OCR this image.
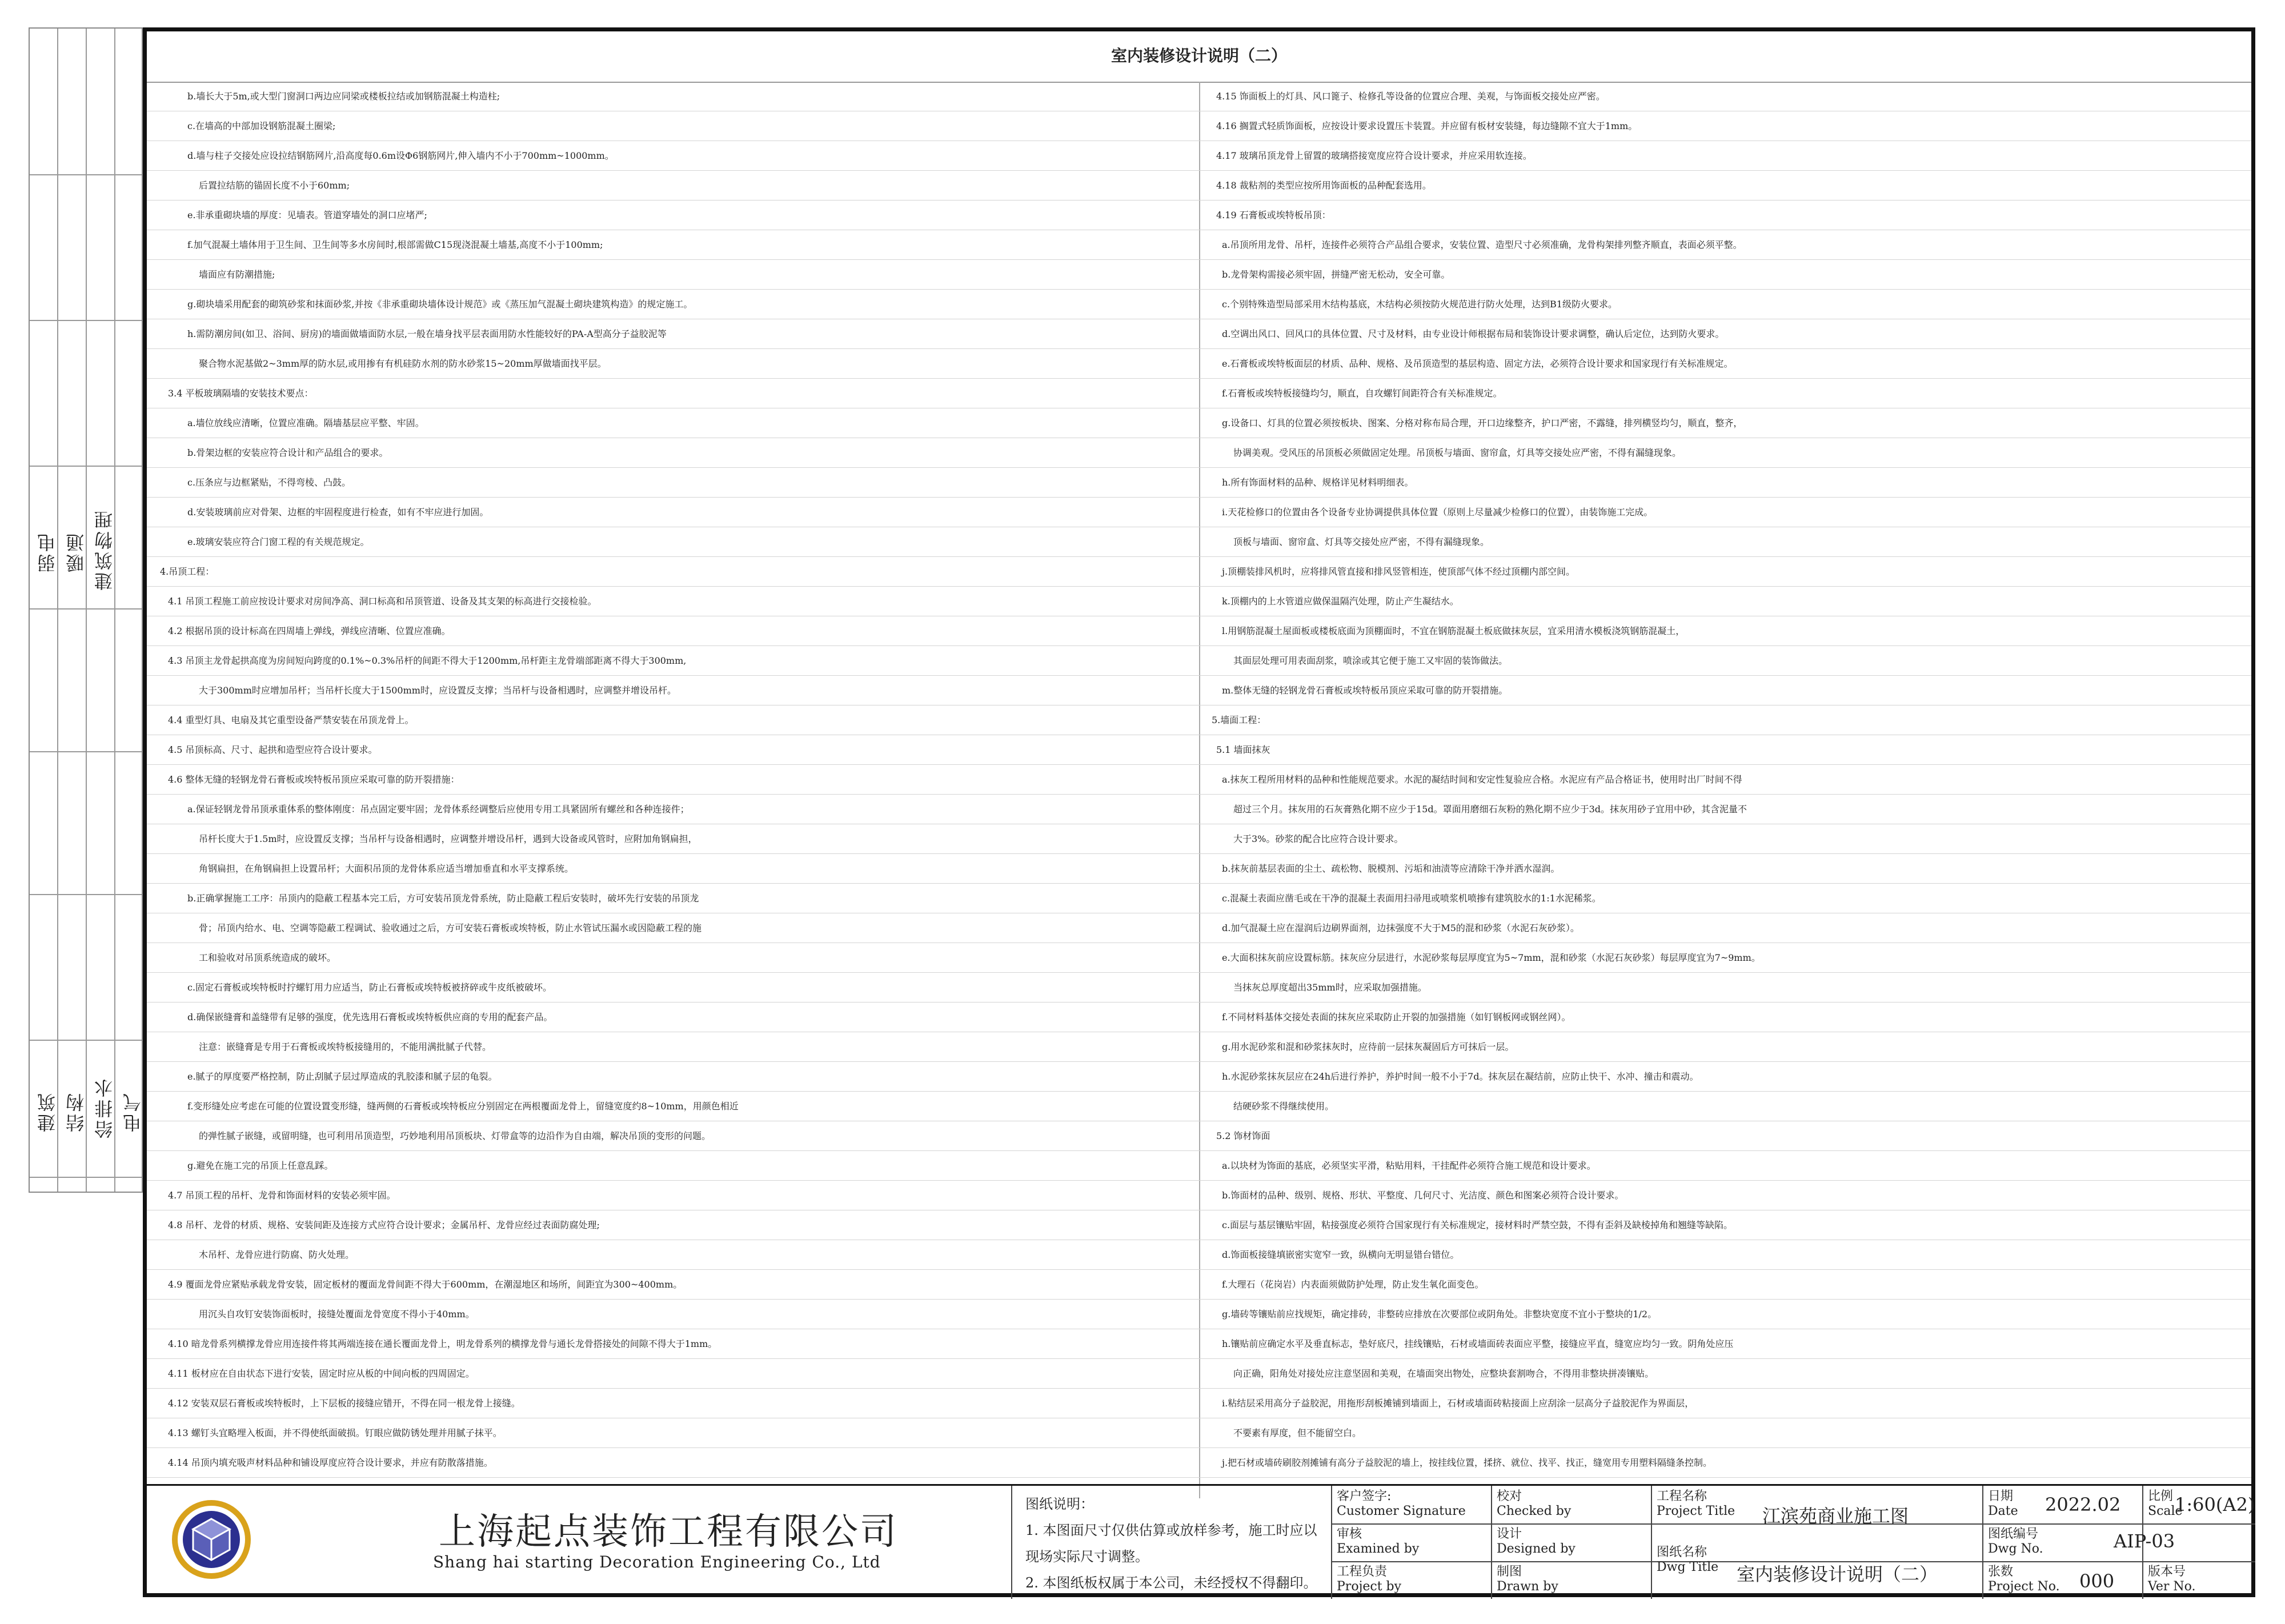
弱电 暖通 建筑物理
建筑 结构 给排水 电气
室内装修设计说明（二）
b.墙长大于5m,或大型门窗洞口两边应同梁或楼板拉结或加钢筋混凝土构造柱;
c.在墙高的中部加设钢筋混凝土圈梁;
d.墙与柱子交接处应设拉结钢筋网片,沿高度每0.6m设Φ6钢筋网片,伸入墙内不小于700mm~1000mm。
后置拉结筋的锚固长度不小于60mm;
e.非承重砌块墙的厚度：见墙表。管道穿墙处的洞口应堵严;
f.加气混凝土墙体用于卫生间、卫生间等多水房间时,根部需做C15现浇混凝土墙基,高度不小于100mm;
墙面应有防潮措施;
g.砌块墙采用配套的砌筑砂浆和抹面砂浆,并按《非承重砌块墙体设计规范》或《蒸压加气混凝土砌块建筑构造》的规定施工。
h.需防潮房间(如卫、浴间、厨房)的墙面做墙面防水层,一般在墙身找平层表面用防水性能较好的PA-A型高分子益胶泥等
聚合物水泥基做2~3mm厚的防水层,或用掺有有机硅防水剂的防水砂浆15~20mm厚做墙面找平层。
3.4 平板玻璃隔墙的安装技术要点：
a.墙位放线应清晰，位置应准确。隔墙基层应平整、牢固。
b.骨架边框的安装应符合设计和产品组合的要求。
c.压条应与边框紧贴，不得弯棱、凸鼓。
d.安装玻璃前应对骨架、边框的牢固程度进行检查，如有不牢应进行加固。
e.玻璃安装应符合门窗工程的有关规范规定。
4.吊顶工程：
4.1 吊顶工程施工前应按设计要求对房间净高、洞口标高和吊顶管道、设备及其支架的标高进行交接检验。
4.2 根据吊顶的设计标高在四周墙上弹线，弹线应清晰、位置应准确。
4.3 吊顶主龙骨起拱高度为房间短向跨度的0.1%~0.3%吊杆的间距不得大于1200mm,吊杆距主龙骨端部距离不得大于300mm,
大于300mm时应增加吊杆；当吊杆长度大于1500mm时，应设置反支撑；当吊杆与设备相遇时，应调整并增设吊杆。
4.4 重型灯具、电扇及其它重型设备严禁安装在吊顶龙骨上。
4.5 吊顶标高、尺寸、起拱和造型应符合设计要求。
4.6 整体无缝的轻钢龙骨石膏板或埃特板吊顶应采取可靠的防开裂措施：
a.保证轻钢龙骨吊顶承重体系的整体刚度：吊点固定要牢固；龙骨体系经调整后应使用专用工具紧固所有螺丝和各种连接件；
吊杆长度大于1.5m时，应设置反支撑；当吊杆与设备相遇时，应调整并增设吊杆，遇到大设备或风管时，应附加角钢扁担，
角钢扁担，在角钢扁担上设置吊杆；大面积吊顶的龙骨体系应适当增加垂直和水平支撑系统。
b.正确掌握施工工序：吊顶内的隐蔽工程基本完工后，方可安装吊顶龙骨系统，防止隐蔽工程后安装时，破坏先行安装的吊顶龙
骨；吊顶内给水、电、空调等隐蔽工程调试、验收通过之后，方可安装石膏板或埃特板，防止水管试压漏水或因隐蔽工程的施
工和验收对吊顶系统造成的破坏。
c.固定石膏板或埃特板时拧螺钉用力应适当，防止石膏板或埃特板被挤碎或牛皮纸被破坏。
d.确保嵌缝膏和盖缝带有足够的强度，优先选用石膏板或埃特板供应商的专用的配套产品。
注意：嵌缝膏是专用于石膏板或埃特板接缝用的，不能用满批腻子代替。
e.腻子的厚度要严格控制，防止刮腻子层过厚造成的乳胶漆和腻子层的龟裂。
f.变形缝处应考虑在可能的位置设置变形缝，缝两侧的石膏板或埃特板应分别固定在两根覆面龙骨上，留缝宽度约8~10mm，用颜色相近
的弹性腻子嵌缝，或留明缝，也可利用吊顶造型，巧妙地利用吊顶板块、灯带盒等的边沿作为自由端，解决吊顶的变形的问题。
g.避免在施工完的吊顶上任意乱踩。
4.7 吊顶工程的吊杆、龙骨和饰面材料的安装必须牢固。
4.8 吊杆、龙骨的材质、规格、安装间距及连接方式应符合设计要求；金属吊杆、龙骨应经过表面防腐处理;
木吊杆、龙骨应进行防腐、防火处理。
4.9 覆面龙骨应紧贴承载龙骨安装，固定板材的覆面龙骨间距不得大于600mm，在潮湿地区和场所，间距宜为300~400mm。
用沉头自攻钉安装饰面板时，接缝处覆面龙骨宽度不得小于40mm。
4.10 暗龙骨系列横撑龙骨应用连接件将其两端连接在通长覆面龙骨上，明龙骨系列的横撑龙骨与通长龙骨搭接处的间隙不得大于1mm。
4.11 板材应在自由状态下进行安装，固定时应从板的中间向板的四周固定。
4.12 安装双层石膏板或埃特板时，上下层板的接缝应错开，不得在同一根龙骨上接缝。
4.13 螺钉头宜略埋入板面，并不得使纸面破损。钉眼应做防锈处理并用腻子抹平。
4.14 吊顶内填充吸声材料品种和铺设厚度应符合设计要求，并应有防散落措施。
4.15 饰面板上的灯具、风口篦子、检修孔等设备的位置应合理、美观，与饰面板交接处应严密。
4.16 搁置式轻质饰面板，应按设计要求设置压卡装置。并应留有板材安装缝，每边缝隙不宜大于1mm。
4.17 玻璃吊顶龙骨上留置的玻璃搭接宽度应符合设计要求，并应采用软连接。
4.18 裁粘剂的类型应按所用饰面板的品种配套选用。
4.19 石膏板或埃特板吊顶：
a.吊顶所用龙骨、吊杆，连接件必须符合产品组合要求，安装位置、造型尺寸必须准确，龙骨构架排列整齐顺直，表面必须平整。
b.龙骨架构需接必须牢固，拼缝严密无松动，安全可靠。
c.个别特殊造型局部采用木结构基底，木结构必须按防火规范进行防火处理，达到B1级防火要求。
d.空调出风口、回风口的具体位置、尺寸及材料，由专业设计师根据布局和装饰设计要求调整，确认后定位，达到防火要求。
e.石膏板或埃特板面层的材质、品种、规格、及吊顶造型的基层构造、固定方法，必须符合设计要求和国家现行有关标准规定。
f.石膏板或埃特板接缝均匀，顺直，自攻螺钉间距符合有关标准规定。
g.设备口、灯具的位置必须按板块、图案、分格对称布局合理，开口边缘整齐，护口严密，不露缝，排列横竖均匀，顺直，整齐，
协调美观。受风压的吊顶板必须做固定处理。吊顶板与墙面、窗帘盒，灯具等交接处应严密，不得有漏缝现象。
h.所有饰面材料的品种、规格详见材料明细表。
i.天花检修口的位置由各个设备专业协调提供具体位置（原则上尽量减少检修口的位置），由装饰施工完成。
顶板与墙面、窗帘盒、灯具等交接处应严密，不得有漏缝现象。
j.顶棚装排风机时，应将排风管直接和排风竖管相连，使顶部气体不经过顶棚内部空间。
k.顶棚内的上水管道应做保温隔汽处理，防止产生凝结水。
l.用钢筋混凝土屋面板或楼板底面为顶棚面时，不宜在钢筋混凝土板底做抹灰层，宜采用清水模板浇筑钢筋混凝土，
其面层处理可用表面刮浆，喷涂或其它便于施工又牢固的装饰做法。
m.整体无缝的轻钢龙骨石膏板或埃特板吊顶应采取可靠的防开裂措施。
5.墙面工程：
5.1 墙面抹灰
a.抹灰工程所用材料的品种和性能规范要求。水泥的凝结时间和安定性复验应合格。水泥应有产品合格证书，使用时出厂时间不得
超过三个月。抹灰用的石灰膏熟化期不应少于15d。罩面用磨细石灰粉的熟化期不应少于3d。抹灰用砂子宜用中砂，其含泥量不
大于3%。砂浆的配合比应符合设计要求。
b.抹灰前基层表面的尘土、疏松物、脱模剂、污垢和油渍等应清除干净并洒水湿润。
c.混凝土表面应凿毛或在干净的混凝土表面用扫帚甩或喷浆机喷掺有建筑胶水的1:1水泥稀浆。
d.加气混凝土应在湿润后边刷界面剂，边抹强度不大于M5的混和砂浆（水泥石灰砂浆）。
e.大面积抹灰前应设置标筋。抹灰应分层进行，水泥砂浆每层厚度宜为5~7mm，混和砂浆（水泥石灰砂浆）每层厚度宜为7~9mm。
当抹灰总厚度超出35mm时，应采取加强措施。
f.不同材料基体交接处表面的抹灰应采取防止开裂的加强措施（如钉钢板网或钢丝网）。
g.用水泥砂浆和混和砂浆抹灰时，应待前一层抹灰凝固后方可抹后一层。
h.水泥砂浆抹灰层应在24h后进行养护，养护时间一般不小于7d。抹灰层在凝结前，应防止快干、水冲、撞击和震动。
结硬砂浆不得继续使用。
5.2 饰材饰面
a.以块材为饰面的基底，必须坚实平滑，粘贴用料，干挂配件必须符合施工规范和设计要求。
b.饰面材的品种、级别、规格、形状、平整度、几何尺寸、光洁度、颜色和图案必须符合设计要求。
c.面层与基层镶贴牢固，粘接强度必须符合国家现行有关标准规定，接材料时严禁空鼓，不得有歪斜及缺棱掉角和翘缝等缺陷。
d.饰面板接缝填嵌密实宽窄一致，纵横向无明显错台错位。
f.大理石（花岗岩）内表面须做防护处理，防止发生氧化面变色。
g.墙砖等镶贴前应找规矩，确定排砖，非整砖应排放在次要部位或阴角处。非整块宽度不宜小于整块的1/2。
h.镶贴前应确定水平及垂直标志，垫好底尺，挂线镶贴，石材或墙面砖表面应平整，接缝应平直，缝宽应均匀一致。阴角处应压
向正确，阳角处对接处应注意坚固和美观，在墙面突出物处，应整块套割吻合，不得用非整块拼凑镶贴。
i.粘结层采用高分子益胶泥，用拖形刮板摊铺到墙面上，石材或墙面砖粘接面上应刮涂一层高分子益胶泥作为界面层，
不要素有厚度，但不能留空白。
j.把石材或墙砖刷胶剂摊铺有高分子益胶泥的墙上，按挂线位置，揉挤、就位、找平、找正，缝宽用专用塑料隔缝条控制。
上海起点装饰工程有限公司
Shang hai starting Decoration Engineering Co., Ltd
客户签字:
Customer Signature
校对
Checked by
审核
Examined by
设计
Designed by
工程负责
Project by
制图
Drawn by
工程名称
Project Title 江滨苑商业施工图
图纸名称
Dwg Title 室内装修设计说明（二）
日期
Date 2022.02 比例
Scale
1:60(A2)
图纸编号
Dwg No.	AIP-03
张数
Project No. 000	版本号
Ver No.
图纸说明：
1. 本图面尺寸仅供估算或放样参考，施工时应以
现场实际尺寸调整。
2. 本图纸板权属于本公司，未经授权不得翻印。
